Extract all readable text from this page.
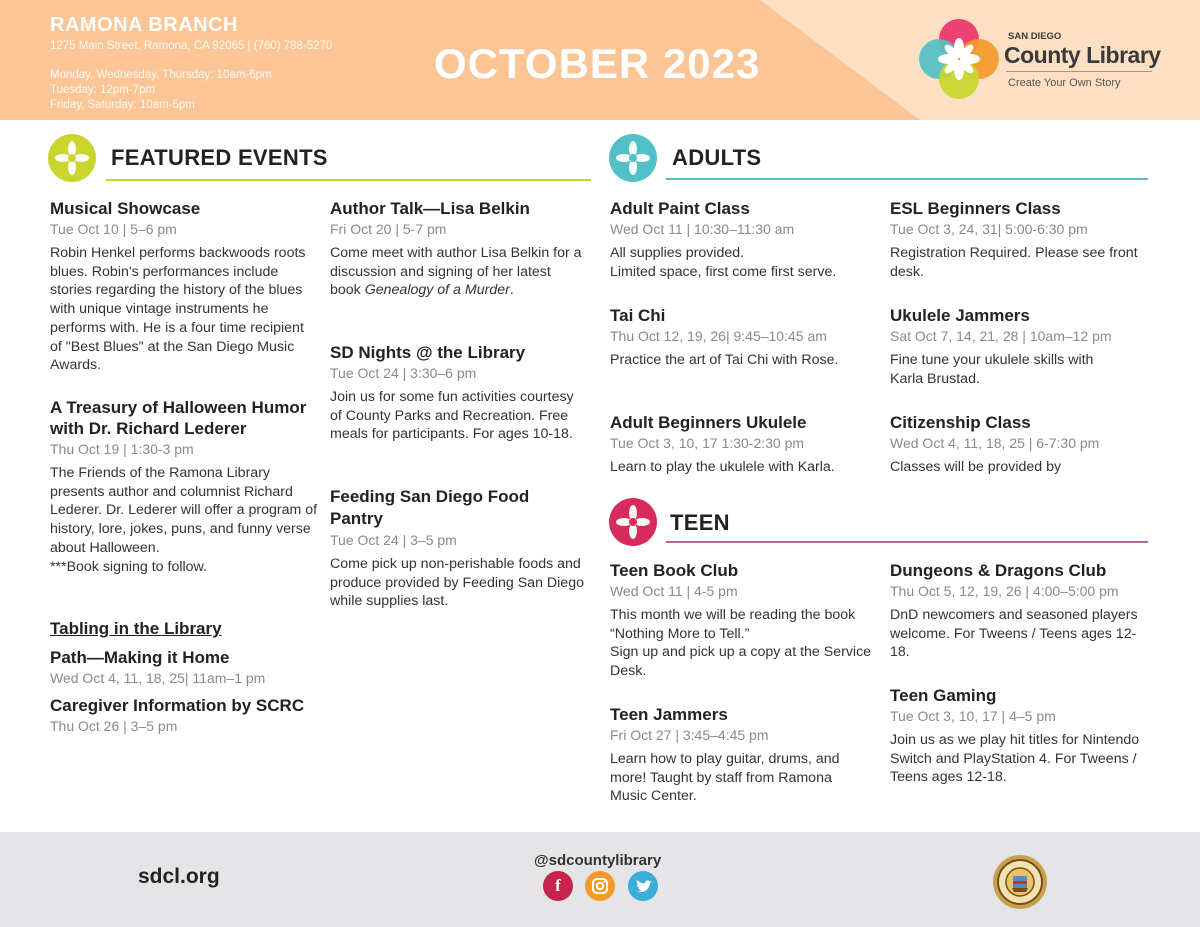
RAMONA BRANCH
1275 Main Street, Ramona, CA 92065 | (760) 788-5270
Monday, Wednesday, Thursday: 10am-6pm
Tuesday: 12pm-7pm
Friday, Saturday: 10am-5pm
OCTOBER 2023
SAN DIEGO
County Library
Create Your Own Story
FEATURED EVENTS
Musical Showcase
Tue Oct 10 | 5–6 pm
Robin Henkel performs backwoods roots blues. Robin's performances include stories regarding the history of the blues with unique vintage instruments he performs with. He is a four time recipient of "Best Blues" at the San Diego Music Awards.
A Treasury of Halloween Humor with Dr. Richard Lederer
Thu Oct 19 | 1:30-3 pm
The Friends of the Ramona Library presents author and columnist Richard Lederer. Dr. Lederer will offer a program of history, lore, jokes, puns, and funny verse about Halloween.
***Book signing to follow.
Tabling in the Library
Path—Making it Home
Wed Oct 4, 11, 18, 25| 11am–1 pm
Caregiver Information by SCRC
Thu Oct 26 | 3–5 pm
Author Talk—Lisa Belkin
Fri Oct 20 | 5-7 pm
Come meet with author Lisa Belkin for a discussion and signing of her latest book Genealogy of a Murder.
SD Nights @ the Library
Tue Oct 24 | 3:30–6 pm
Join us for some fun activities courtesy of County Parks and Recreation. Free meals for participants. For ages 10-18.
Feeding San Diego Food Pantry
Tue Oct 24 | 3–5 pm
Come pick up non-perishable foods and produce provided by Feeding San Diego while supplies last.
ADULTS
Adult Paint Class
Wed Oct 11 | 10:30–11:30 am
All supplies provided.
Limited space, first come first serve.
Tai Chi
Thu Oct 12, 19, 26| 9:45–10:45 am
Practice the art of Tai Chi with Rose.
Adult Beginners Ukulele
Tue Oct 3, 10, 17 1:30-2:30 pm
Learn to play the ukulele with Karla.
ESL Beginners Class
Tue Oct 3, 24, 31| 5:00-6:30 pm
Registration Required. Please see front desk.
Ukulele Jammers
Sat Oct 7, 14, 21, 28 | 10am–12 pm
Fine tune your ukulele skills with Karla Brustad.
Citizenship Class
Wed Oct 4, 11, 18, 25 | 6-7:30 pm
Classes will be provided by
TEEN
Teen Book Club
Wed Oct 11 | 4-5 pm
This month we will be reading the book “Nothing More to Tell.”
Sign up and pick up a copy at the Service Desk.
Teen Jammers
Fri Oct 27 | 3:45–4:45 pm
Learn how to play guitar, drums, and more! Taught by staff from Ramona Music Center.
Dungeons & Dragons Club
Thu Oct 5, 12, 19, 26 | 4:00–5:00 pm
DnD newcomers and seasoned players welcome. For Tweens / Teens ages 12-18.
Teen Gaming
Tue Oct 3, 10, 17 | 4–5 pm
Join us as we play hit titles for Nintendo Switch and PlayStation 4. For Tweens / Teens ages 12-18.
sdcl.org
@sdcountylibrary
f
